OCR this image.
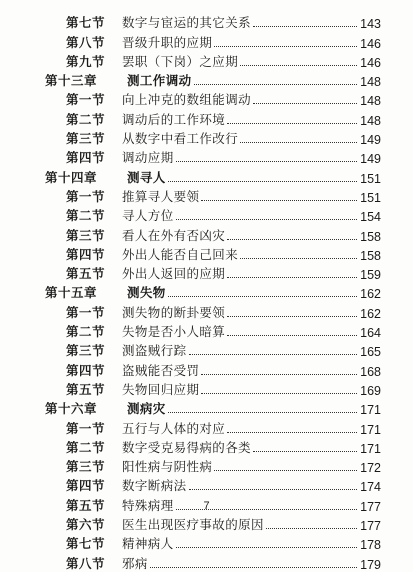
第七节	数字与宦运的其它关系	143
第八节	晋级升职的应期	146
第九节	罢职（下岗）之应期	146
第十三章	测工作调动	148
第一节	向上冲克的数组能调动	148
第二节	调动后的工作环境	148
第三节	从数字中看工作改行	149
第四节	调动应期	149
第十四章	测寻人	151
第一节	推算寻人要领	151
第二节	寻人方位	154
第三节	看人在外有否凶灾	158
第四节	外出人能否自己回来	158
第五节	外出人返回的应期	159
第十五章	测失物	162
第一节	测失物的断卦要领	162
第二节	失物是否小人暗算	164
第三节	测盗贼行踪	165
第四节	盗贼能否受罚	168
第五节	失物回归应期	169
第十六章	测病灾	171
第一节	五行与人体的对应	171
第二节	数字受克易得病的各类	171
第三节	阳性病与阴性病	172
第四节	数字断病法	174
第五节	特殊病理	177
第六节	医生出现医疗事故的原因	177
第七节	精神病人	178
第八节	邪病	179
7
